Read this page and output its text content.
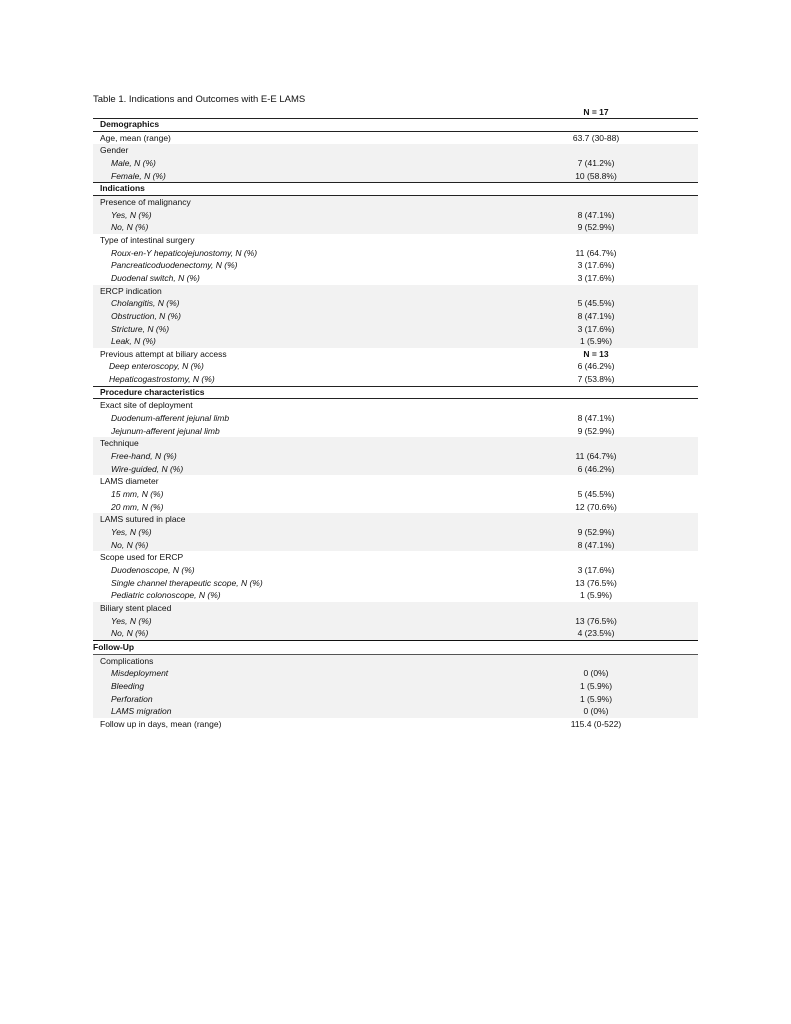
Table 1. Indications and Outcomes with E-E LAMS
N = 17
Demographics
Age, mean (range)	63.7 (30-88)
Gender
Male, N (%)	7 (41.2%)
Female, N (%)	10 (58.8%)
Indications
Presence of malignancy
Yes, N (%)	8 (47.1%)
No, N (%)	9 (52.9%)
Type of intestinal surgery
Roux-en-Y hepaticojejunostomy, N (%)	11 (64.7%)
Pancreaticoduodenectomy, N (%)	3 (17.6%)
Duodenal switch, N (%)	3 (17.6%)
ERCP indication
Cholangitis, N (%)	5 (45.5%)
Obstruction, N (%)	8 (47.1%)
Stricture, N (%)	3 (17.6%)
Leak, N (%)	1 (5.9%)
Previous attempt at biliary access	N = 13
Deep enteroscopy, N (%)	6 (46.2%)
Hepaticogastrostomy, N (%)	7 (53.8%)
Procedure characteristics
Exact site of deployment
Duodenum-afferent jejunal limb	8 (47.1%)
Jejunum-afferent jejunal limb	9 (52.9%)
Technique
Free-hand, N (%)	11 (64.7%)
Wire-guided, N (%)	6 (46.2%)
LAMS diameter
15 mm, N (%)	5 (45.5%)
20 mm, N (%)	12 (70.6%)
LAMS sutured in place
Yes, N (%)	9 (52.9%)
No, N (%)	8 (47.1%)
Scope used for ERCP
Duodenoscope, N (%)	3 (17.6%)
Single channel therapeutic scope, N (%)	13 (76.5%)
Pediatric colonoscope, N (%)	1 (5.9%)
Biliary stent placed
Yes, N (%)	13 (76.5%)
No, N (%)	4 (23.5%)
Follow-Up
Complications
Misdeployment	0 (0%)
Bleeding	1 (5.9%)
Perforation	1 (5.9%)
LAMS migration	0 (0%)
Follow up in days, mean (range)	115.4 (0-522)
